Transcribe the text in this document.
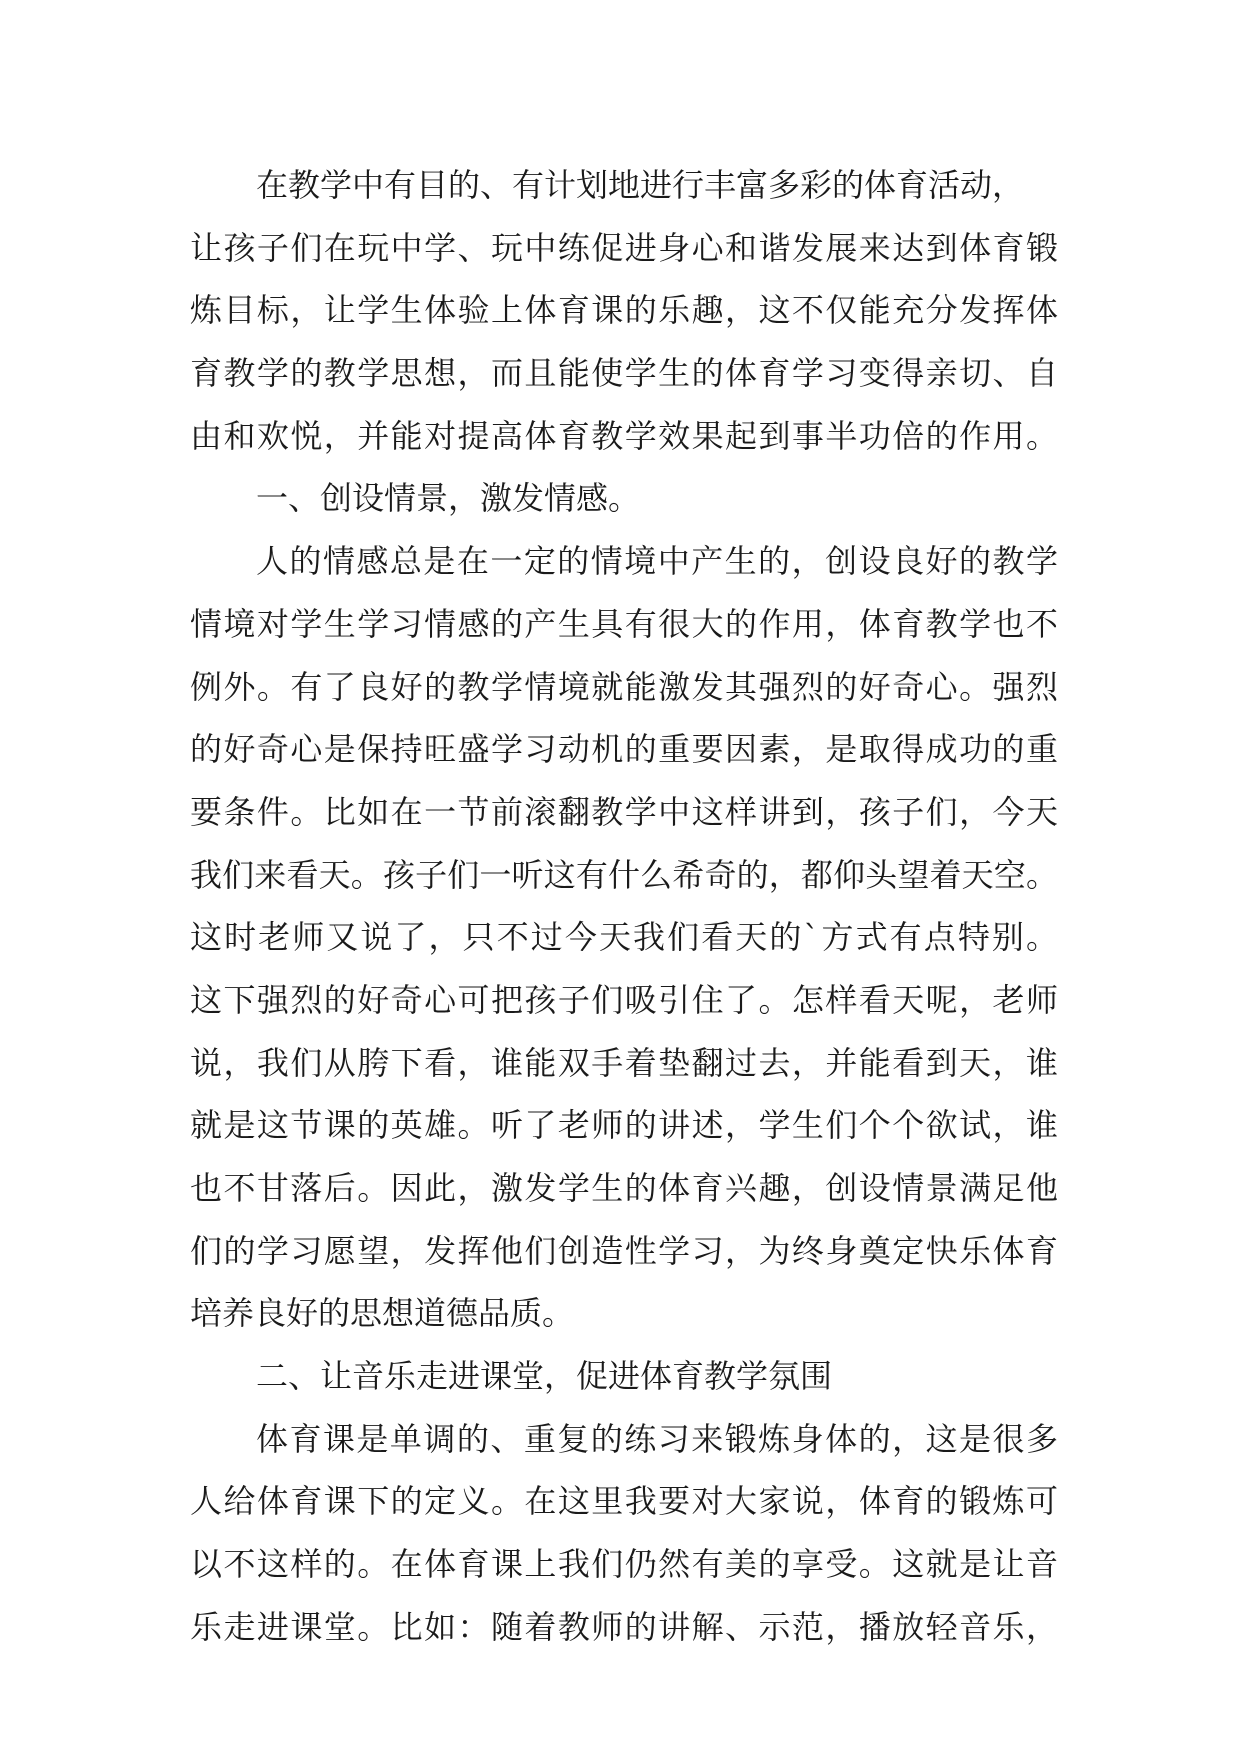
在教学中有目的、有计划地进行丰富多彩的体育活动，
让孩子们在玩中学、玩中练促进身心和谐发展来达到体育锻
炼目标，让学生体验上体育课的乐趣，这不仅能充分发挥体
育教学的教学思想，而且能使学生的体育学习变得亲切、自
由和欢悦，并能对提高体育教学效果起到事半功倍的作用。
一、创设情景，激发情感。
人的情感总是在一定的情境中产生的，创设良好的教学
情境对学生学习情感的产生具有很大的作用，体育教学也不
例外。有了良好的教学情境就能激发其强烈的好奇心。强烈
的好奇心是保持旺盛学习动机的重要因素，是取得成功的重
要条件。比如在一节前滚翻教学中这样讲到，孩子们，今天
我们来看天。孩子们一听这有什么希奇的，都仰头望着天空。
这时老师又说了，只不过今天我们看天的`方式有点特别。
这下强烈的好奇心可把孩子们吸引住了。怎样看天呢，老师
说，我们从胯下看，谁能双手着垫翻过去，并能看到天，谁
就是这节课的英雄。听了老师的讲述，学生们个个欲试，谁
也不甘落后。因此，激发学生的体育兴趣，创设情景满足他
们的学习愿望，发挥他们创造性学习，为终身奠定快乐体育
培养良好的思想道德品质。
二、让音乐走进课堂，促进体育教学氛围
体育课是单调的、重复的练习来锻炼身体的，这是很多
人给体育课下的定义。在这里我要对大家说，体育的锻炼可
以不这样的。在体育课上我们仍然有美的享受。这就是让音
乐走进课堂。比如：随着教师的讲解、示范，播放轻音乐，
